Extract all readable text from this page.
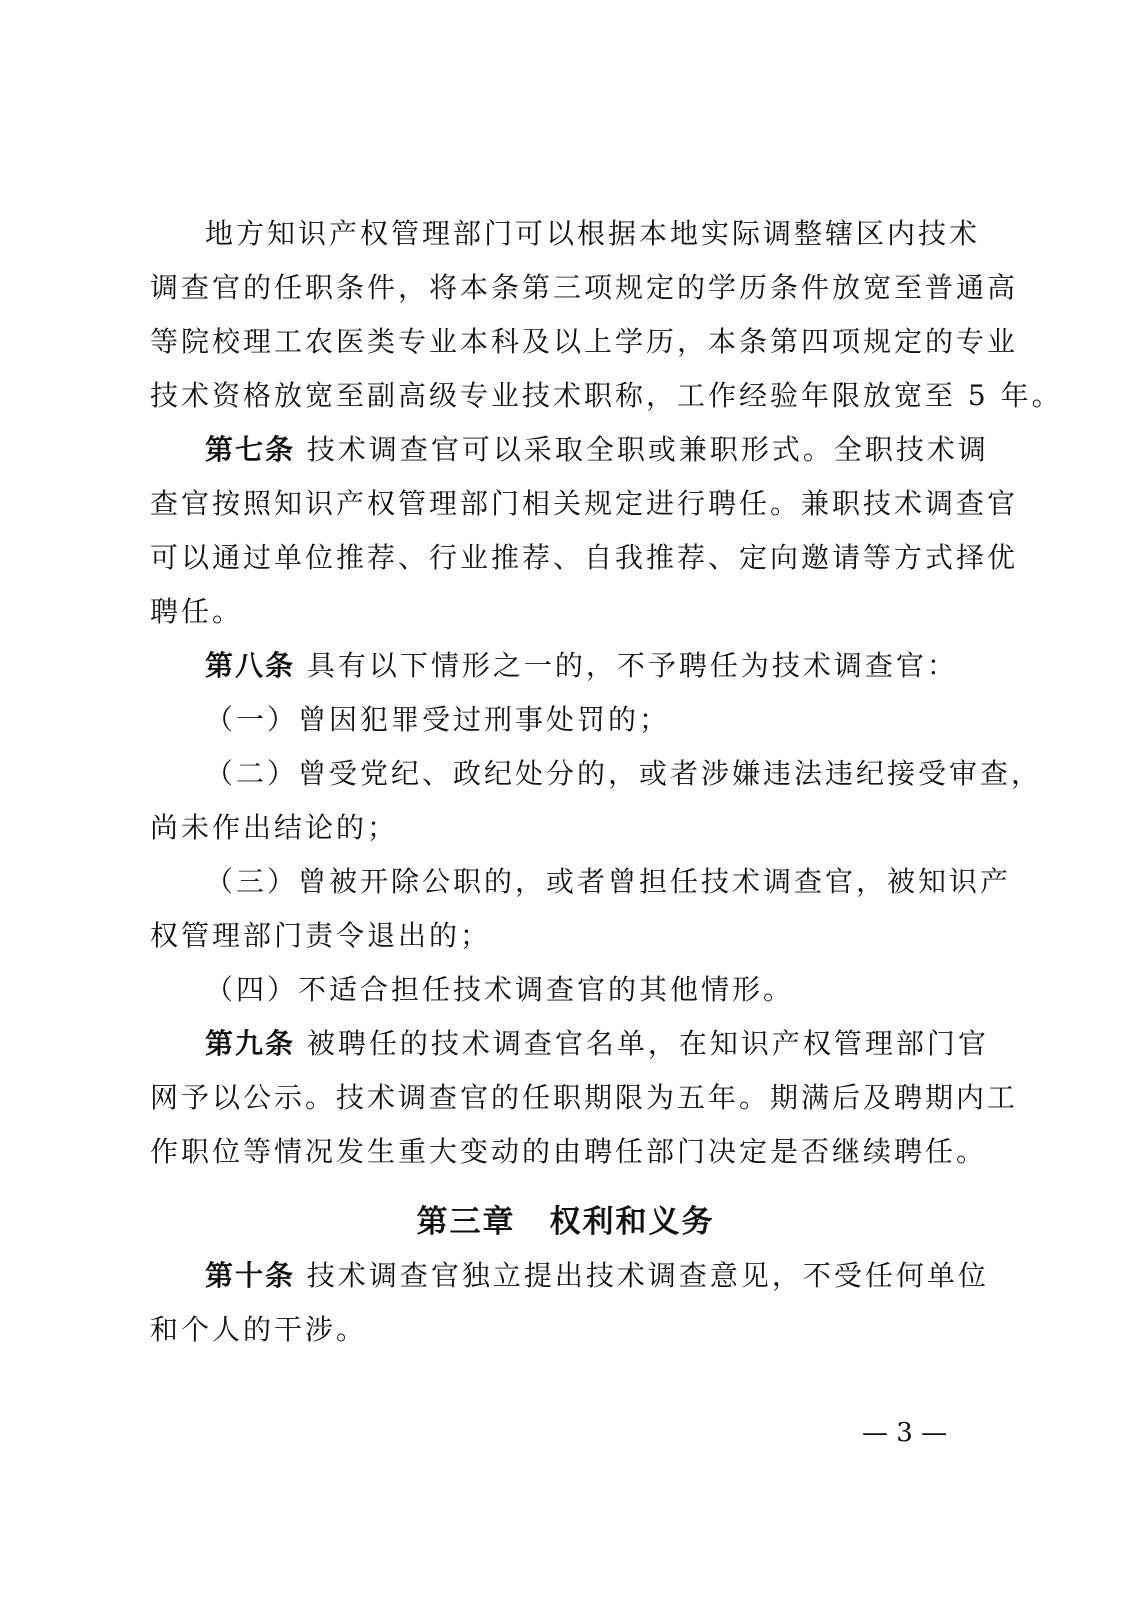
地方知识产权管理部门可以根据本地实际调整辖区内技术
调查官的任职条件，将本条第三项规定的学历条件放宽至普通高
等院校理工农医类专业本科及以上学历，本条第四项规定的专业
技术资格放宽至副高级专业技术职称，工作经验年限放宽至 5 年。
第七条 技术调查官可以采取全职或兼职形式。全职技术调
查官按照知识产权管理部门相关规定进行聘任。兼职技术调查官
可以通过单位推荐、行业推荐、自我推荐、定向邀请等方式择优
聘任。
第八条 具有以下情形之一的，不予聘任为技术调查官：
（一）曾因犯罪受过刑事处罚的；
（二）曾受党纪、政纪处分的，或者涉嫌违法违纪接受审查，
尚未作出结论的；
（三）曾被开除公职的，或者曾担任技术调查官，被知识产
权管理部门责令退出的；
（四）不适合担任技术调查官的其他情形。
第九条 被聘任的技术调查官名单，在知识产权管理部门官
网予以公示。技术调查官的任职期限为五年。期满后及聘期内工
作职位等情况发生重大变动的由聘任部门决定是否继续聘任。
第三章 权利和义务
第十条 技术调查官独立提出技术调查意见，不受任何单位
和个人的干涉。
— 3 —
